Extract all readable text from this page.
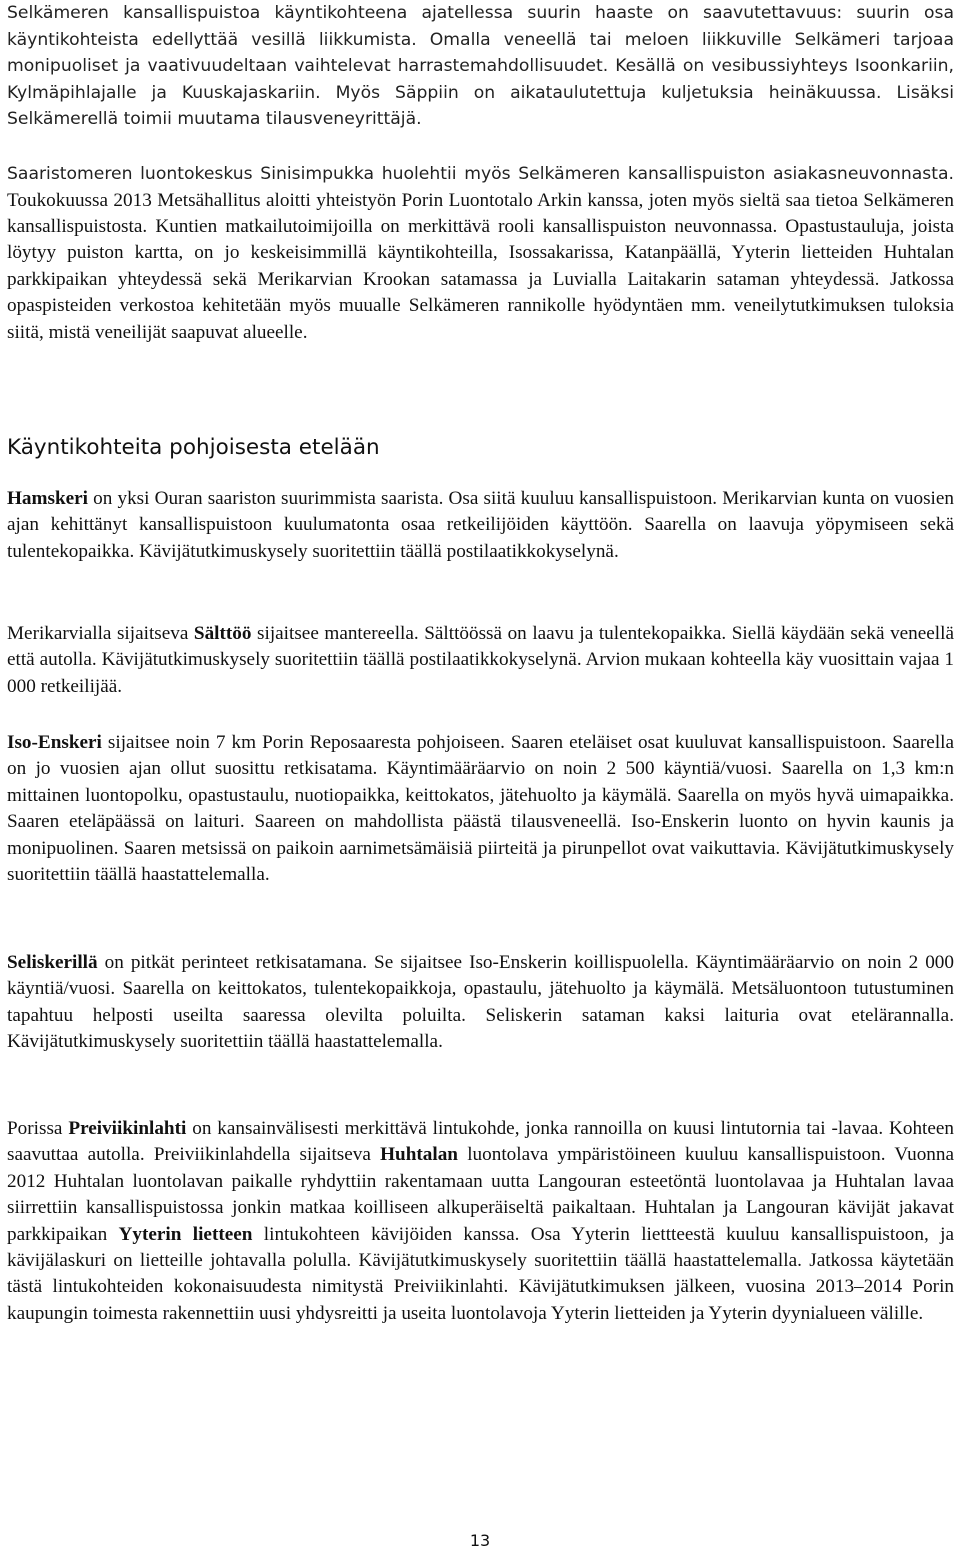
Selkämeren kansallispuistoa käyntikohteena ajatellessa suurin haaste on saavutettavuus: suurin osa käyntikohteista edellyttää vesillä liikkumista. Omalla veneellä tai meloen liikkuville Selkämeri tarjoaa monipuoliset ja vaativuudeltaan vaihtelevat harrastemahdollisuudet. Kesällä on vesibussiyhteys Isoonkariin, Kylmäpihlajalle ja Kuuskajaskariin. Myös Säppiin on aikataulutettuja kuljetuksia heinäkuussa. Lisäksi Selkämerellä toimii muutama tilausveneyrittäjä.

Saaristomeren luontokeskus Sinisimpukka huolehtii myös Selkämeren kansallispuiston asiakasneuvonnasta. Toukokuussa 2013 Metsähallitus aloitti yhteistyön Porin Luontotalo Arkin kanssa, joten myös sieltä saa tietoa Selkämeren kansallispuistosta. Kuntien matkailutoimijoilla on merkittävä rooli kansallispuiston neuvonnassa. Opastustauluja, joista löytyy puiston kartta, on jo keskeisimmillä käyntikohteilla, Isossakarissa, Katanpäällä, Yyterin lietteiden Huhtalan parkkipaikan yhteydessä sekä Merikarvian Krookan satamassa ja Luvialla Laitakarin sataman yhteydessä. Jatkossa opaspisteiden verkostoa kehitetään myös muualle Selkämeren rannikolle hyödyntäen mm. veneilytutkimuksen tuloksia siitä, mistä veneilijät saapuvat alueelle.

Käyntikohteita pohjoisesta etelään

Hamskeri on yksi Ouran saariston suurimmista saarista. Osa siitä kuuluu kansallispuistoon. Merikarvian kunta on vuosien ajan kehittänyt kansallispuistoon kuulumatonta osaa retkeilijöiden käyttöön. Saarella on laavuja yöpymiseen sekä tulentekopaikka. Kävijätutkimuskysely suoritettiin täällä postilaatikkokyselynä.

Merikarvialla sijaitseva Sälttöö sijaitsee mantereella. Sälttöössä on laavu ja tulentekopaikka. Siellä käydään sekä veneellä että autolla. Kävijätutkimuskysely suoritettiin täällä postilaatikkokyselynä. Arvion mukaan kohteella käy vuosittain vajaa 1 000 retkeilijää.

Iso-Enskeri sijaitsee noin 7 km Porin Reposaaresta pohjoiseen. Saaren eteläiset osat kuuluvat kansallispuistoon. Saarella on jo vuosien ajan ollut suosittu retkisatama. Käyntimääräarvio on noin 2 500 käyntiä/vuosi. Saarella on 1,3 km:n mittainen luontopolku, opastustaulu, nuotiopaikka, keittokatos, jätehuolto ja käymälä. Saarella on myös hyvä uimapaikka. Saaren eteläpäässä on laituri. Saareen on mahdollista päästä tilausveneellä. Iso-Enskerin luonto on hyvin kaunis ja monipuolinen. Saaren metsissä on paikoin aarnimetsämäisiä piirteitä ja pirunpellot ovat vaikuttavia. Kävijätutkimuskysely suoritettiin täällä haastattelemalla.

Seliskerillä on pitkät perinteet retkisatamana. Se sijaitsee Iso-Enskerin koillispuolella. Käyntimääräarvio on noin 2 000 käyntiä/vuosi. Saarella on keittokatos, tulentekopaikkoja, opastaulu, jätehuolto ja käymälä. Metsäluontoon tutustuminen tapahtuu helposti useilta saaressa olevilta poluilta. Seliskerin sataman kaksi laituria ovat etelärannalla. Kävijätutkimuskysely suoritettiin täällä haastattelemalla.

Porissa Preiviikinlahti on kansainvälisesti merkittävä lintukohde, jonka rannoilla on kuusi lintutornia tai -lavaa. Kohteen saavuttaa autolla. Preiviikinlahdella sijaitseva Huhtalan luontolava ympäristöineen kuuluu kansallispuistoon. Vuonna 2012 Huhtalan luontolavan paikalle ryhdyttiin rakentamaan uutta Langouran esteetöntä luontolavaa ja Huhtalan lavaa siirrettiin kansallispuistossa jonkin matkaa koilliseen alkuperäiseltä paikaltaan. Huhtalan ja Langouran kävijät jakavat parkkipaikan Yyterin lietteen lintukohteen kävijöiden kanssa. Osa Yyterin liettteestä kuuluu kansallispuistoon, ja kävijälaskuri on lietteille johtavalla polulla. Kävijätutkimuskysely suoritettiin täällä haastattelemalla. Jatkossa käytetään tästä lintukohteiden kokonaisuudesta nimitystä Preiviikinlahti. Kävijätutkimuksen jälkeen, vuosina 2013–2014 Porin kaupungin toimesta rakennettiin uusi yhdysreitti ja useita luontolavoja Yyterin lietteiden ja Yyterin dyynialueen välille.

13
